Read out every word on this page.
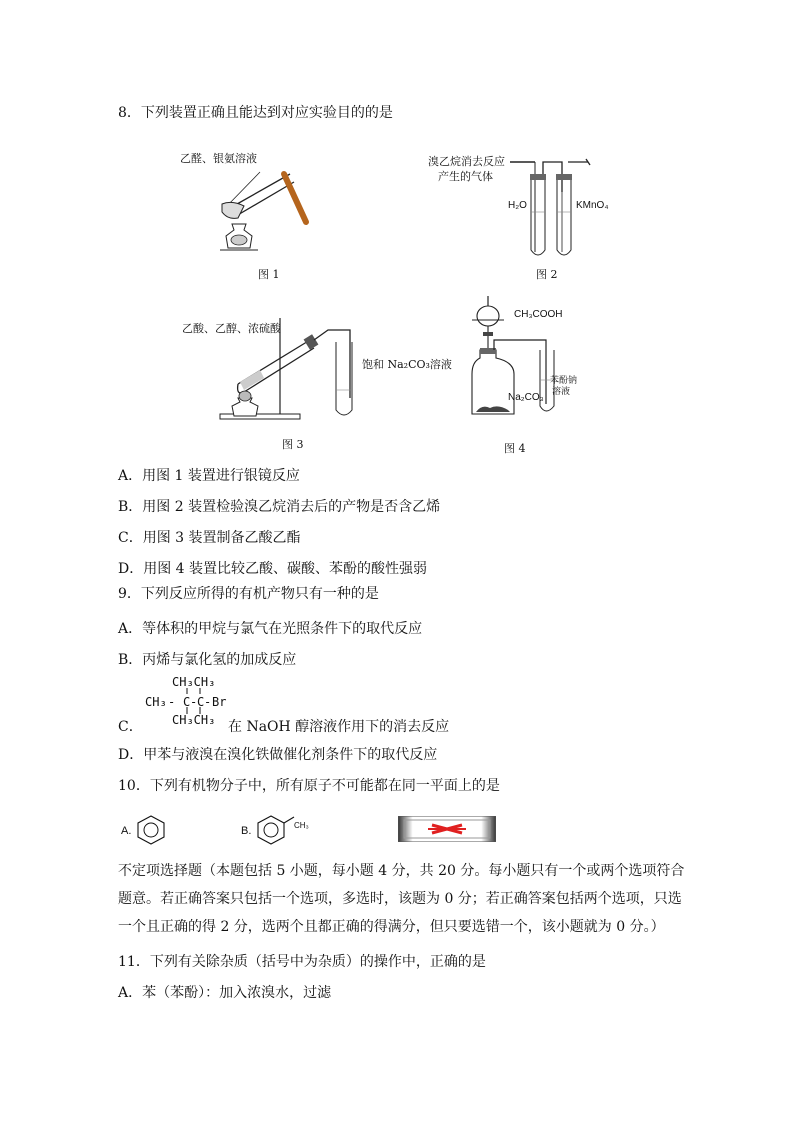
8．下列装置正确且能达到对应实验目的的是
乙醛、银氨溶液
图 1
溴乙烷消去反应
产生的气体
H₂O	KMnO₄
图 2
乙酸、乙醇、浓硫酸
饱和 Na₂CO₃溶液
图 3
CH₃COOH
Na₂CO₃
苯酚钠
溶液
图 4
A．用图 1 装置进行银镜反应
B．用图 2 装置检验溴乙烷消去后的产物是否含乙烯
C．用图 3 装置制备乙酸乙酯
D．用图 4 装置比较乙酸、碳酸、苯酚的酸性强弱
9．下列反应所得的有机产物只有一种的是
A．等体积的甲烷与氯气在光照条件下的取代反应
B．丙烯与氯化氢的加成反应
CH₃CH₃
CH₃ - C - C - Br
CH₃CH₃
C．	在 NaOH 醇溶液作用下的消去反应
D．甲苯与液溴在溴化铁做催化剂条件下的取代反应
10．下列有机物分子中，所有原子不可能都在同一平面上的是
A.	B.	CH₃
不定项选择题（本题包括 5 小题，每小题 4 分，共 20 分。每小题只有一个或两个选项符合
题意。若正确答案只包括一个选项，多选时，该题为 0 分；若正确答案包括两个选项，只选
一个且正确的得 2 分，选两个且都正确的得满分，但只要选错一个，该小题就为 0 分。）
11．下列有关除杂质（括号中为杂质）的操作中，正确的是
A．苯（苯酚）：加入浓溴水，过滤
